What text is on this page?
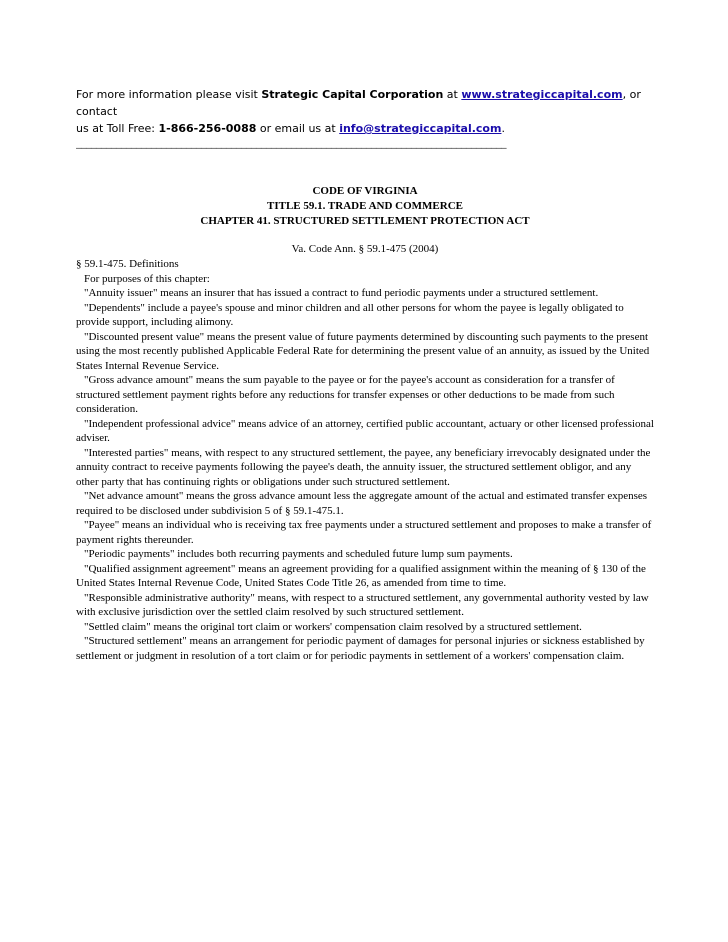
For more information please visit Strategic Capital Corporation at www.strategiccapital.com, or contact
us at Toll Free: 1-866-256-0088 or email us at info@strategiccapital.com.
______________________________________________________________________________________
CODE OF VIRGINIA
TITLE 59.1. TRADE AND COMMERCE
CHAPTER 41. STRUCTURED SETTLEMENT PROTECTION ACT
Va. Code Ann. § 59.1-475 (2004)

§ 59.1-475. Definitions

For purposes of this chapter:

"Annuity issuer" means an insurer that has issued a contract to fund periodic payments under a structured settlement.

"Dependents" include a payee's spouse and minor children and all other persons for whom the payee is legally obligated to provide support, including alimony.

"Discounted present value" means the present value of future payments determined by discounting such payments to the present using the most recently published Applicable Federal Rate for determining the present value of an annuity, as issued by the United States Internal Revenue Service.

"Gross advance amount" means the sum payable to the payee or for the payee's account as consideration for a transfer of structured settlement payment rights before any reductions for transfer expenses or other deductions to be made from such consideration.

"Independent professional advice" means advice of an attorney, certified public accountant, actuary or other licensed professional adviser.

"Interested parties" means, with respect to any structured settlement, the payee, any beneficiary irrevocably designated under the annuity contract to receive payments following the payee's death, the annuity issuer, the structured settlement obligor, and any other party that has continuing rights or obligations under such structured settlement.

"Net advance amount" means the gross advance amount less the aggregate amount of the actual and estimated transfer expenses required to be disclosed under subdivision 5 of § 59.1-475.1.

"Payee" means an individual who is receiving tax free payments under a structured settlement and proposes to make a transfer of payment rights thereunder.

"Periodic payments" includes both recurring payments and scheduled future lump sum payments.

"Qualified assignment agreement" means an agreement providing for a qualified assignment within the meaning of § 130 of the United States Internal Revenue Code, United States Code Title 26, as amended from time to time.

"Responsible administrative authority" means, with respect to a structured settlement, any governmental authority vested by law with exclusive jurisdiction over the settled claim resolved by such structured settlement.

"Settled claim" means the original tort claim or workers' compensation claim resolved by a structured settlement.

"Structured settlement" means an arrangement for periodic payment of damages for personal injuries or sickness established by settlement or judgment in resolution of a tort claim or for periodic payments in settlement of a workers' compensation claim.
